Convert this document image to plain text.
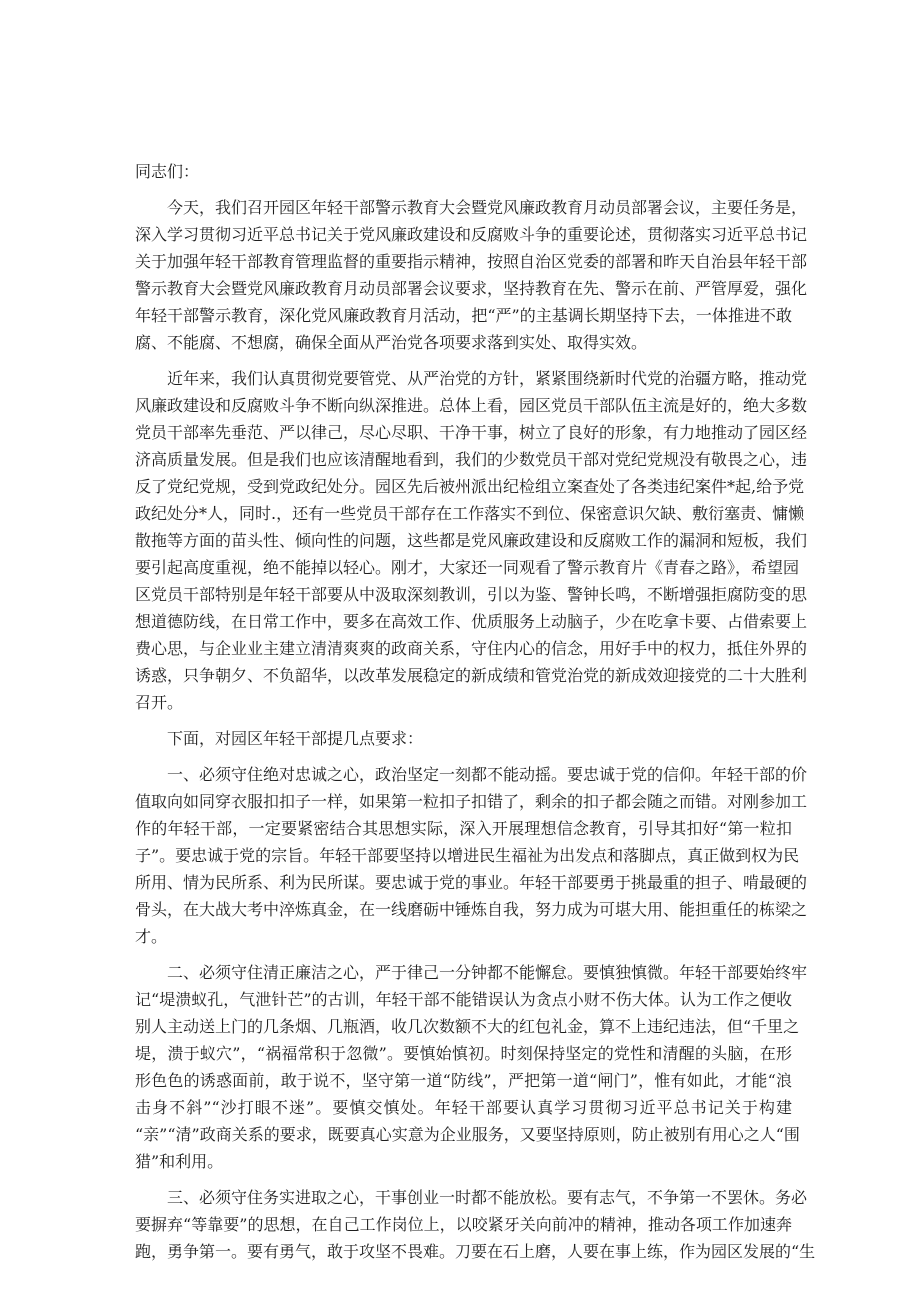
同志们：
今天，我们召开园区年轻干部警示教育大会暨党风廉政教育月动员部署会议，主要任务是，
深入学习贯彻习近平总书记关于党风廉政建设和反腐败斗争的重要论述，贯彻落实习近平总书记
关于加强年轻干部教育管理监督的重要指示精神，按照自治区党委的部署和昨天自治县年轻干部
警示教育大会暨党风廉政教育月动员部署会议要求，坚持教育在先、警示在前、严管厚爱，强化
年轻干部警示教育，深化党风廉政教育月活动，把“严”的主基调长期坚持下去，一体推进不敢
腐、不能腐、不想腐，确保全面从严治党各项要求落到实处、取得实效。
近年来，我们认真贯彻党要管党、从严治党的方针，紧紧围绕新时代党的治疆方略，推动党
风廉政建设和反腐败斗争不断向纵深推进。总体上看，园区党员干部队伍主流是好的，绝大多数
党员干部率先垂范、严以律己，尽心尽职、干净干事，树立了良好的形象，有力地推动了园区经
济高质量发展。但是我们也应该清醒地看到，我们的少数党员干部对党纪党规没有敬畏之心，违
反了党纪党规，受到党政纪处分。园区先后被州派出纪检组立案查处了各类违纪案件*起,给予党
政纪处分*人，同时.，还有一些党员干部存在工作落实不到位、保密意识欠缺、敷衍塞责、慵懒
散拖等方面的苗头性、倾向性的问题，这些都是党风廉政建设和反腐败工作的漏洞和短板，我们
要引起高度重视，绝不能掉以轻心。刚才，大家还一同观看了警示教育片《青春之路》，希望园
区党员干部特别是年轻干部要从中汲取深刻教训，引以为鉴、警钟长鸣，不断增强拒腐防变的思
想道德防线，在日常工作中，要多在高效工作、优质服务上动脑子，少在吃拿卡要、占借索要上
费心思，与企业业主建立清清爽爽的政商关系，守住内心的信念，用好手中的权力，抵住外界的
诱惑，只争朝夕、不负韶华，以改革发展稳定的新成绩和管党治党的新成效迎接党的二十大胜利
召开。
下面，对园区年轻干部提几点要求：
一、必须守住绝对忠诚之心，政治坚定一刻都不能动摇。要忠诚于党的信仰。年轻干部的价
值取向如同穿衣服扣扣子一样，如果第一粒扣子扣错了，剩余的扣子都会随之而错。对刚参加工
作的年轻干部，一定要紧密结合其思想实际，深入开展理想信念教育，引导其扣好“第一粒扣
子”。要忠诚于党的宗旨。年轻干部要坚持以增进民生福祉为出发点和落脚点，真正做到权为民
所用、情为民所系、利为民所谋。要忠诚于党的事业。年轻干部要勇于挑最重的担子、啃最硬的
骨头，在大战大考中淬炼真金，在一线磨砺中锤炼自我，努力成为可堪大用、能担重任的栋梁之
才。
二、必须守住清正廉洁之心，严于律己一分钟都不能懈怠。要慎独慎微。年轻干部要始终牢
记“堤溃蚁孔，气泄针芒”的古训，年轻干部不能错误认为贪点小财不伤大体。认为工作之便收
别人主动送上门的几条烟、几瓶酒，收几次数额不大的红包礼金，算不上违纪违法，但“千里之
堤，溃于蚁穴”，“祸福常积于忽微”。要慎始慎初。时刻保持坚定的党性和清醒的头脑，在形
形色色的诱惑面前，敢于说不，坚守第一道“防线”，严把第一道“闸门”，惟有如此，才能“浪
击身不斜”“沙打眼不迷”。要慎交慎处。年轻干部要认真学习贯彻习近平总书记关于构建
“亲”“清”政商关系的要求，既要真心实意为企业服务，又要坚持原则，防止被别有用心之人“围
猎”和利用。
三、必须守住务实进取之心，干事创业一时都不能放松。要有志气，不争第一不罢休。务必
要摒弃“等靠要”的思想，在自己工作岗位上，以咬紧牙关向前冲的精神，推动各项工作加速奔
跑，勇争第一。要有勇气，敢于攻坚不畏难。刀要在石上磨，人要在事上练，作为园区发展的“生
